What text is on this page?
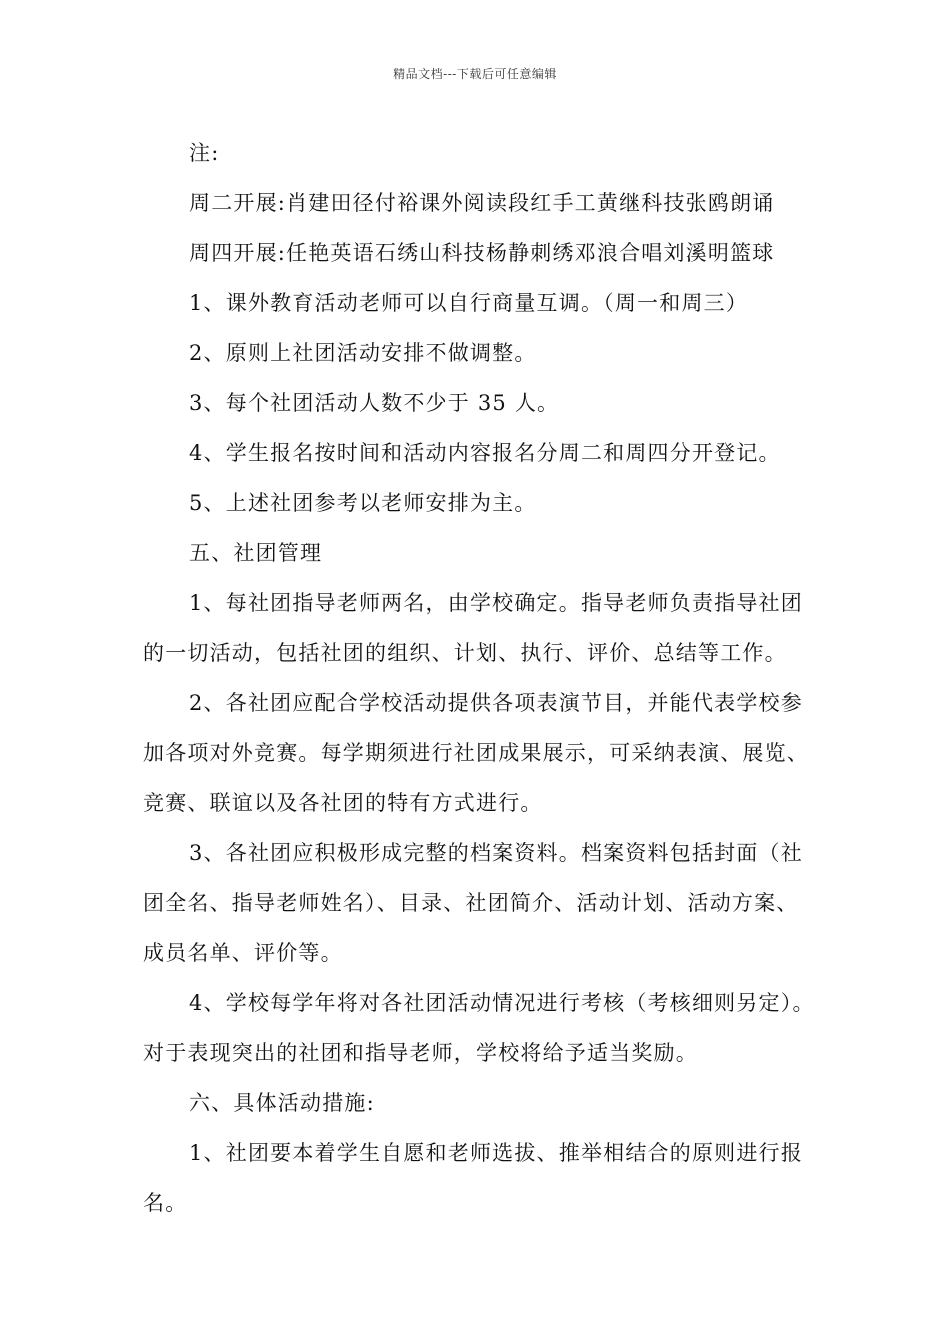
精品文档---下载后可任意编辑
注:
周二开展:肖建田径付裕课外阅读段红手工黄继科技张鸥朗诵
周四开展:任艳英语石绣山科技杨静刺绣邓浪合唱刘溪明篮球
1、课外教育活动老师可以自行商量互调。（周一和周三）
2、原则上社团活动安排不做调整。
3、每个社团活动人数不少于 35 人。
4、学生报名按时间和活动内容报名分周二和周四分开登记。
5、上述社团参考以老师安排为主。
五、社团管理
1、每社团指导老师两名，由学校确定。指导老师负责指导社团
的一切活动，包括社团的组织、计划、执行、评价、总结等工作。
2、各社团应配合学校活动提供各项表演节目，并能代表学校参
加各项对外竞赛。每学期须进行社团成果展示，可采纳表演、展览、
竞赛、联谊以及各社团的特有方式进行。
3、各社团应积极形成完整的档案资料。档案资料包括封面（社
团全名、指导老师姓名）、目录、社团简介、活动计划、活动方案、
成员名单、评价等。
4、学校每学年将对各社团活动情况进行考核（考核细则另定）。
对于表现突出的社团和指导老师，学校将给予适当奖励。
六、具体活动措施:
1、社团要本着学生自愿和老师选拔、推举相结合的原则进行报
名。
